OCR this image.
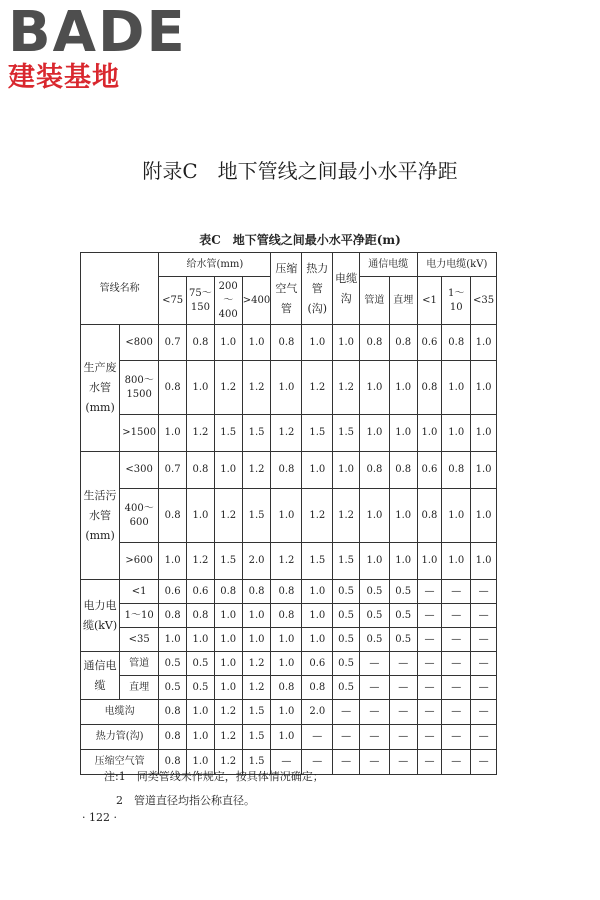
BADE
建装基地
附录C　地下管线之间最小水平净距
表C　地下管线之间最小水平净距(m)
管线名称		给水管(mm)				压缩空气管	热力管(沟)	电缆沟	通信电缆		电力电缆(kV)		
		<75	75～150	200～400	>400				管道	直埋	<1	1～10	<35
生产废水管(mm)	<800	0.7	0.8	1.0	1.0	0.8	1.0	1.0	0.8	0.8	0.6	0.8	1.0
	800～1500	0.8	1.0	1.2	1.2	1.0	1.2	1.2	1.0	1.0	0.8	1.0	1.0
	>1500	1.0	1.2	1.5	1.5	1.2	1.5	1.5	1.0	1.0	1.0	1.0	1.0
生活污水管(mm)	<300	0.7	0.8	1.0	1.2	0.8	1.0	1.0	0.8	0.8	0.6	0.8	1.0
	400～600	0.8	1.0	1.2	1.5	1.0	1.2	1.2	1.0	1.0	0.8	1.0	1.0
	>600	1.0	1.2	1.5	2.0	1.2	1.5	1.5	1.0	1.0	1.0	1.0	1.0
电力电缆(kV)	<1	0.6	0.6	0.8	0.8	0.8	1.0	0.5	0.5	0.5	—	—	—
	1～10	0.8	0.8	1.0	1.0	0.8	1.0	0.5	0.5	0.5	—	—	—
	<35	1.0	1.0	1.0	1.0	1.0	1.0	0.5	0.5	0.5	—	—	—
通信电缆	管道	0.5	0.5	1.0	1.2	1.0	0.6	0.5	—	—	—	—	—
	直埋	0.5	0.5	1.0	1.2	0.8	0.8	0.5	—	—	—	—	—
电缆沟		0.8	1.0	1.2	1.5	1.0	2.0	—	—	—	—	—	—
热力管(沟)		0.8	1.0	1.2	1.5	1.0	—	—	—	—	—	—	—
压缩空气管		0.8	1.0	1.2	1.5	—	—	—	—	—	—	—	—
注:1　同类管线未作规定，按具体情况确定；
2　管道直径均指公称直径。
· 122 ·
